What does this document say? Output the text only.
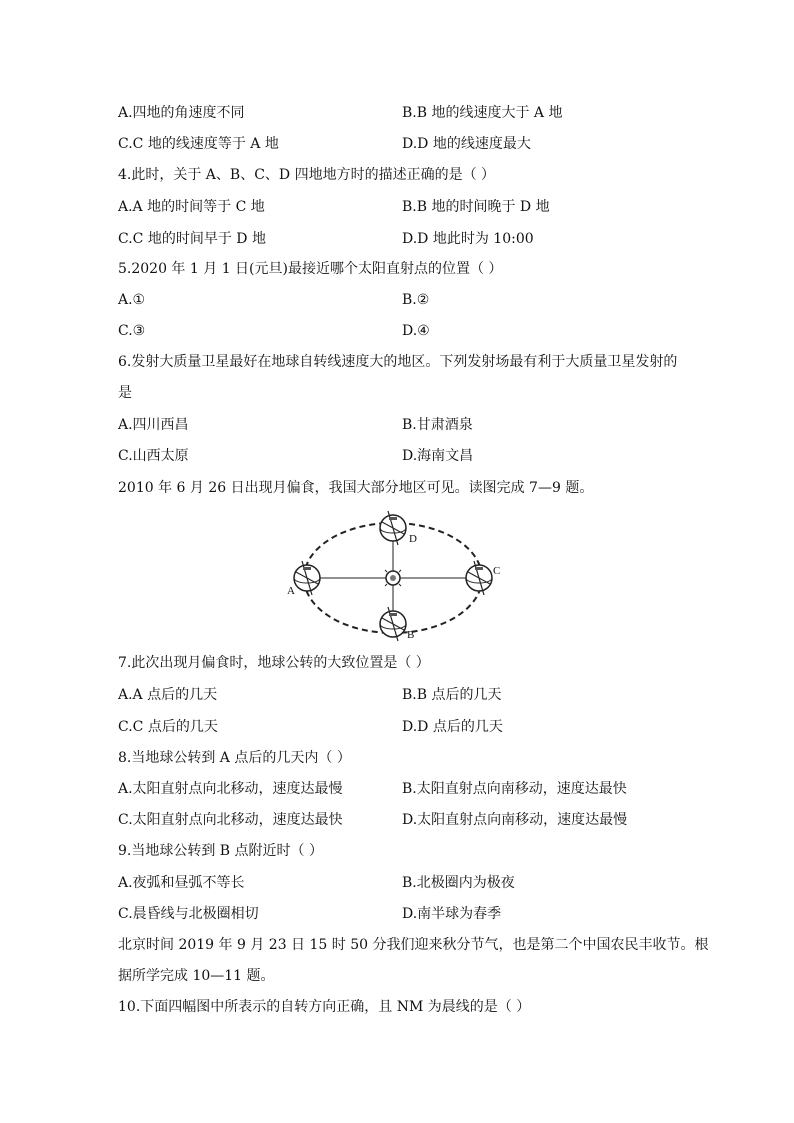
A.四地的角速度不同	B.B 地的线速度大于 A 地
C.C 地的线速度等于 A 地	D.D 地的线速度最大
4.此时，关于 A、B、C、D 四地地方时的描述正确的是（ ）
A.A 地的时间等于 C 地	B.B 地的时间晚于 D 地
C.C 地的时间早于 D 地	D.D 地此时为 10:00
5.2020 年 1 月 1 日(元旦)最接近哪个太阳直射点的位置（ ）
A.①	B.②
C.③	D.④
6.发射大质量卫星最好在地球自转线速度大的地区。下列发射场最有利于大质量卫星发射的
是
A.四川西昌	B.甘肃酒泉
C.山西太原	D.海南文昌
2010 年 6 月 26 日出现月偏食，我国大部分地区可见。读图完成 7—9 题。
D
B
A
C
7.此次出现月偏食时，地球公转的大致位置是（ ）
A.A 点后的几天	B.B 点后的几天
C.C 点后的几天	D.D 点后的几天
8.当地球公转到 A 点后的几天内（ ）
A.太阳直射点向北移动，速度达最慢	B.太阳直射点向南移动，速度达最快
C.太阳直射点向北移动，速度达最快	D.太阳直射点向南移动，速度达最慢
9.当地球公转到 B 点附近时（ ）
A.夜弧和昼弧不等长	B.北极圈内为极夜
C.晨昏线与北极圈相切	D.南半球为春季
北京时间 2019 年 9 月 23 日 15 时 50 分我们迎来秋分节气，也是第二个中国农民丰收节。根
据所学完成 10—11 题。
10.下面四幅图中所表示的自转方向正确，且 NM 为晨线的是（ ）
